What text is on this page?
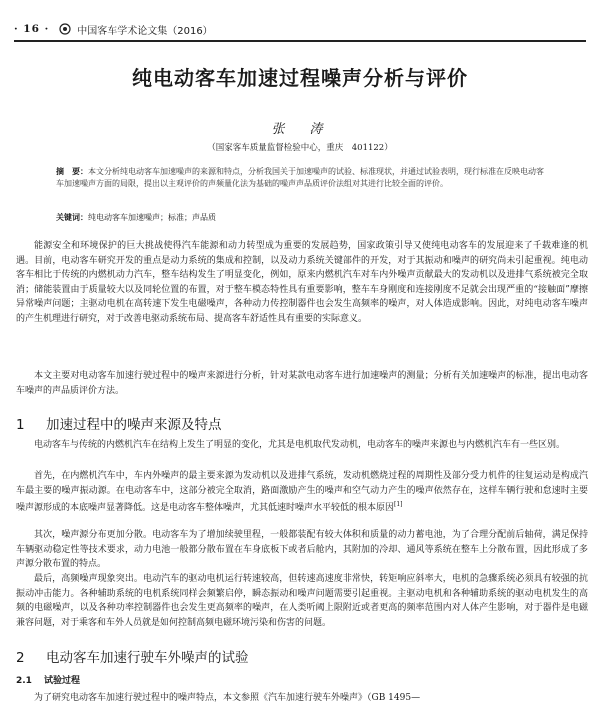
· 16 ·	中国客车学术论文集（2016）
纯电动客车加速过程噪声分析与评价
张　涛
（国家客车质量监督检验中心，重庆　401122）
摘　要：本文分析纯电动客车加速噪声的来源和特点，分析我国关于加速噪声的试验、标准现状，并通过试验表明，现行标准在反映电动客车加速噪声方面的局限，提出以主观评价的声频量化法为基础的噪声声品质评价法组对其进行比较全面的评价。
关键词：纯电动客车加速噪声；标准；声品质
能源安全和环境保护的巨大挑战使得汽车能源和动力转型成为重要的发展趋势，国家政策引导又使纯电动客车的发展迎来了千载难逢的机遇。目前，电动客车研究开发的重点是动力系统的集成和控制，以及动力系统关键部件的开发，对于其振动和噪声的研究尚未引起重视。纯电动客车相比于传统的内燃机动力汽车，整车结构发生了明显变化，例如，原来内燃机汽车对车内外噪声贡献最大的发动机以及进排气系统被完全取消；储能装置由于质量较大以及同轮位置的布置，对于整车模态特性具有重要影响，整车车身刚度和连接刚度不足就会出现严重的“接触面”摩擦异常噪声问题；主驱动电机在高转速下发生电磁噪声，各种动力传控制器件也会发生高频率的噪声，对人体造成影响。因此，对纯电动客车噪声的产生机理进行研究，对于改善电驱动系统布局、提高客车舒适性具有重要的实际意义。
本文主要对电动客车加速行驶过程中的噪声来源进行分析，针对某款电动客车进行加速噪声的测量；分析有关加速噪声的标准，提出电动客车噪声的声品质评价方法。
1 加速过程中的噪声来源及特点
电动客车与传统的内燃机汽车在结构上发生了明显的变化，尤其是电机取代发动机，电动客车的噪声来源也与内燃机汽车有一些区别。
首先，在内燃机汽车中，车内外噪声的最主要来源为发动机以及进排气系统，发动机燃烧过程的周期性及部分受力机件的往复运动是构成汽车最主要的噪声振动源。在电动客车中，这部分被完全取消，路面激励产生的噪声和空气动力产生的噪声依然存在，这样车辆行驶和怠速时主要噪声源形成的本底噪声显著降低。这是电动客车整体噪声，尤其低速时噪声水平较低的根本原因[1]
其次，噪声源分布更加分散。电动客车为了增加续驶里程，一般都装配有较大体积和质量的动力蓄电池，为了合理分配前后轴荷，满足保持车辆驱动稳定性等技术要求，动力电池一般都分散布置在车身底板下或者后舱内，其附加的冷却、通风等系统在整车上分散布置，因此形成了多声源分散布置的特点。
最后，高频噪声现象突出。电动汽车的驱动电机运行转速较高，但转速高速度非常快，转矩响应斜率大，电机的急骤系统必须具有较强的抗振动冲击能力。各种辅助系统的电机系统同样会频繁启停，瞬态振动和噪声问题需要引起重视。主驱动电机和各种辅助系统的驱动电机发生的高频的电磁噪声，以及各种功率控制器件也会发生更高频率的噪声，在人类听阈上限附近或者更高的频率范围内对人体产生影响，对于器件是电磁兼容问题，对于乘客和车外人员就是如何控制高频电磁环境污染和伤害的问题。
2 电动客车加速行驶车外噪声的试验
2.1 试验过程
为了研究电动客车加速行驶过程中的噪声特点，本文参照《汽车加速行驶车外噪声》（GB 1495—
